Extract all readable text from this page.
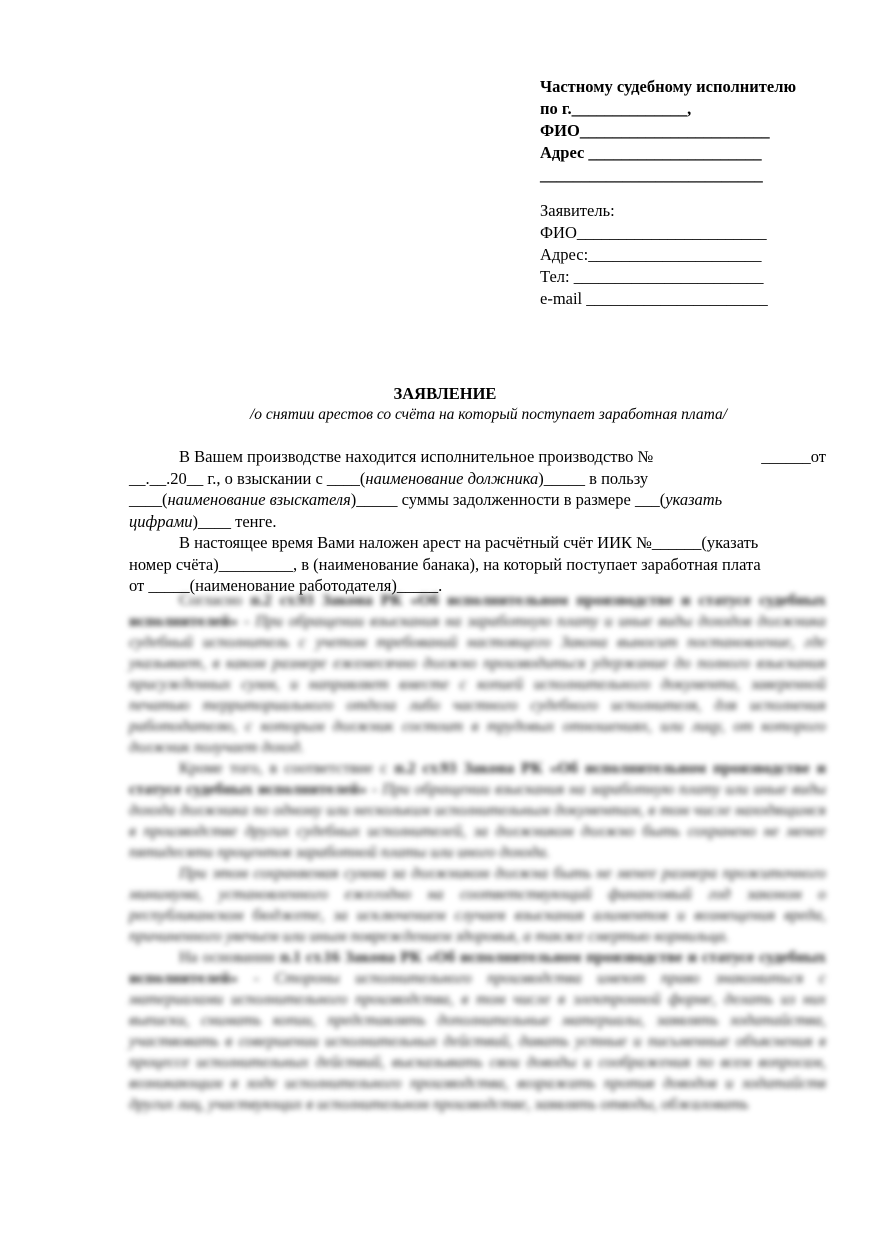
Частному судебному исполнителю
по г.______________,
ФИО_______________________
Адрес _____________________
___________________________
Заявитель:
ФИО_______________________
Адрес:_____________________
Тел: _______________________
e-mail ______________________
ЗАЯВЛЕНИЕ
/о снятии арестов со счёта на который поступает заработная плата/
В Вашем производстве находится исполнительное производство №	______от
__.__.20__ г., о взыскании с ____( наименование должника )_____ в пользу
____( наименование взыскателя )_____ суммы задолженности в размере ___( указать
цифрами )____ тенге.
В настоящее время Вами наложен арест на расчётный счёт ИИК №______(указать
номер счёта)_________, в (наименование банака), на который поступает заработная плата
от _____(наименование работодателя)_____.

Согласно п.2 ст.93 Закона РК «Об исполнительном производстве и статусе судебных исполнителей» - При обращении взыскания на заработную плату и иные виды доходов должника судебный исполнитель с учетом требований настоящего Закона выносит постановление, где указывает, в каком размере ежемесячно должно производиться удержание до полного взыскания присужденных сумм, и направляет вместе с копией исполнительного документа, заверенной печатью территориального отдела либо частного судебного исполнителя, для исполнения работодателю, с которым должник состоит в трудовых отношениях, или лицу, от которого должник получает доход.

Кроме того, в соответствие с п.2 ст.93 Закона РК «Об исполнительном производстве и статусе судебных исполнителей» - При обращении взыскания на заработную плату или иные виды дохода должника по одному или нескольким исполнительным документам, в том числе находящимся в производстве других судебных исполнителей, за должником должно быть сохранено не менее пятидесяти процентов заработной платы или иного дохода.

При этом сохраняемая сумма за должником должна быть не менее размера прожиточного минимума, установленного ежегодно на соответствующий финансовый год законом о республиканском бюджете, за исключением случаев взыскания алиментов и возмещения вреда, причиненного увечьем или иным повреждением здоровья, а также смертью кормильца.

На основании п.1 ст.16 Закона РК «Об исполнительном производстве и статусе судебных исполнителей» - Стороны исполнительного производства имеют право знакомиться с материалами исполнительного производства, в том числе в электронной форме, делать из них выписки, снимать копии, представлять дополнительные материалы, заявлять ходатайства, участвовать в совершении исполнительных действий, давать устные и письменные объяснения в процессе исполнительных действий, высказывать свои доводы и соображения по всем вопросам, возникающим в ходе исполнительного производства, возражать против доводов и ходатайств других лиц, участвующих в исполнительном производстве, заявлять отводы, обжаловать
